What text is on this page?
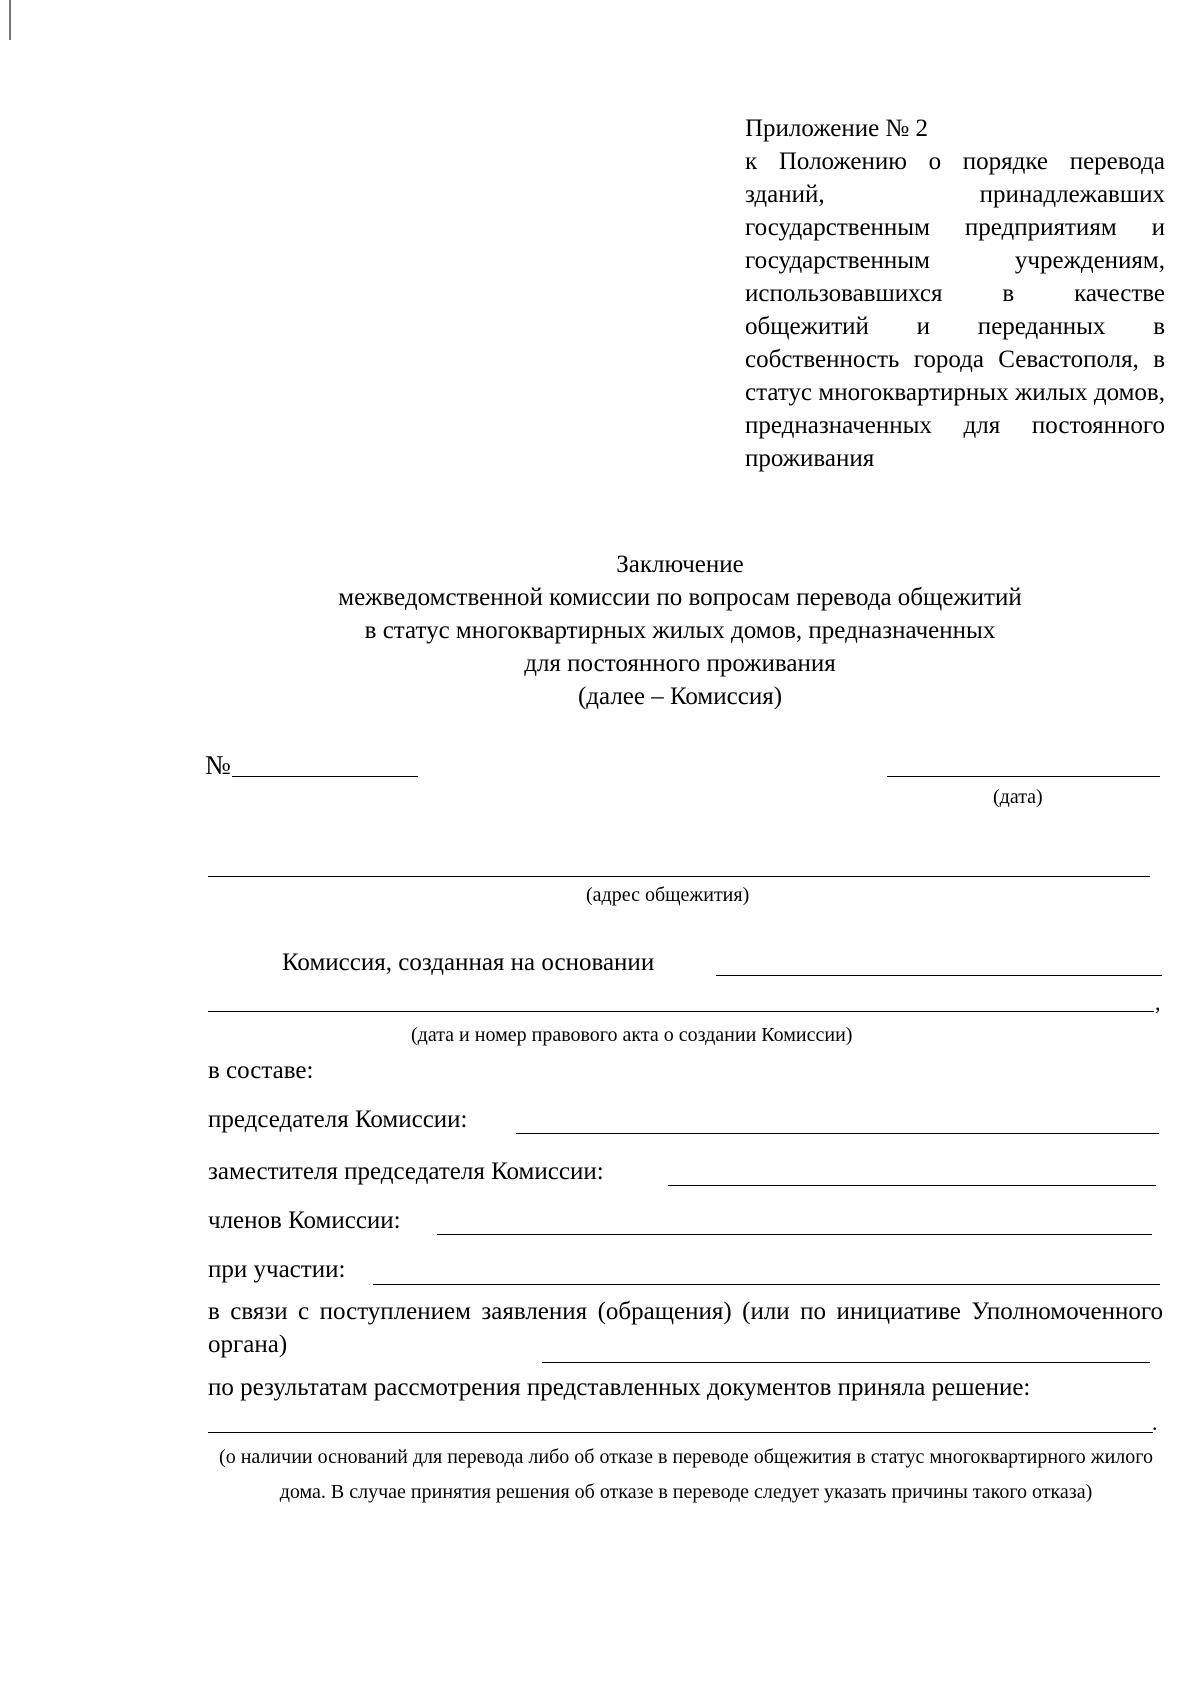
Приложение № 2
к Положению о порядке перевода зданий, принадлежавших государственным предприятиям и государственным учреждениям, использовавшихся в качестве общежитий и переданных в собственность города Севастополя, в статус многоквартирных жилых домов, предназначенных для постоянного проживания
Заключение
межведомственной комиссии по вопросам перевода общежитий
в статус многоквартирных жилых домов, предназначенных
для постоянного проживания
(далее – Комиссия)
№
(дата)
(адрес общежития)
Комиссия, созданная на основании
,
(дата и номер правового акта о создании Комиссии)
в составе:
председателя Комиссии:
заместителя председателя Комиссии:
членов Комиссии:
при участии:
в связи с поступлением заявления (обращения) (или по инициативе Уполномоченного органа)
по результатам рассмотрения представленных документов приняла решение:
.
(о наличии оснований для перевода либо об отказе в переводе общежития в статус многоквартирного жилого дома. В случае принятия решения об отказе в переводе следует указать причины такого отказа)
